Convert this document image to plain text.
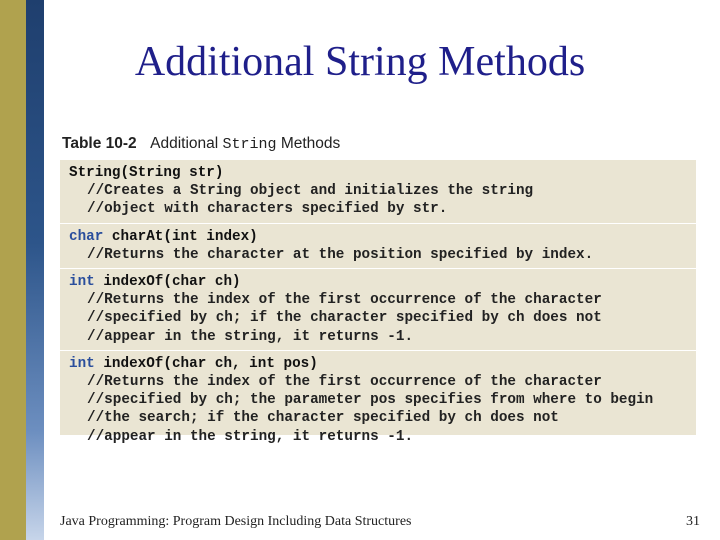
Additional String Methods
Table 10-2 Additional String Methods
String(String str)
//Creates a String object and initializes the string
//object with characters specified by str.
char charAt(int index)
//Returns the character at the position specified by index.
int indexOf(char ch)
//Returns the index of the first occurrence of the character
//specified by ch; if the character specified by ch does not
//appear in the string, it returns -1.
int indexOf(char ch, int pos)
//Returns the index of the first occurrence of the character
//specified by ch; the parameter pos specifies from where to begin
//the search; if the character specified by ch does not
//appear in the string, it returns -1.
Java Programming: Program Design Including Data Structures	31
